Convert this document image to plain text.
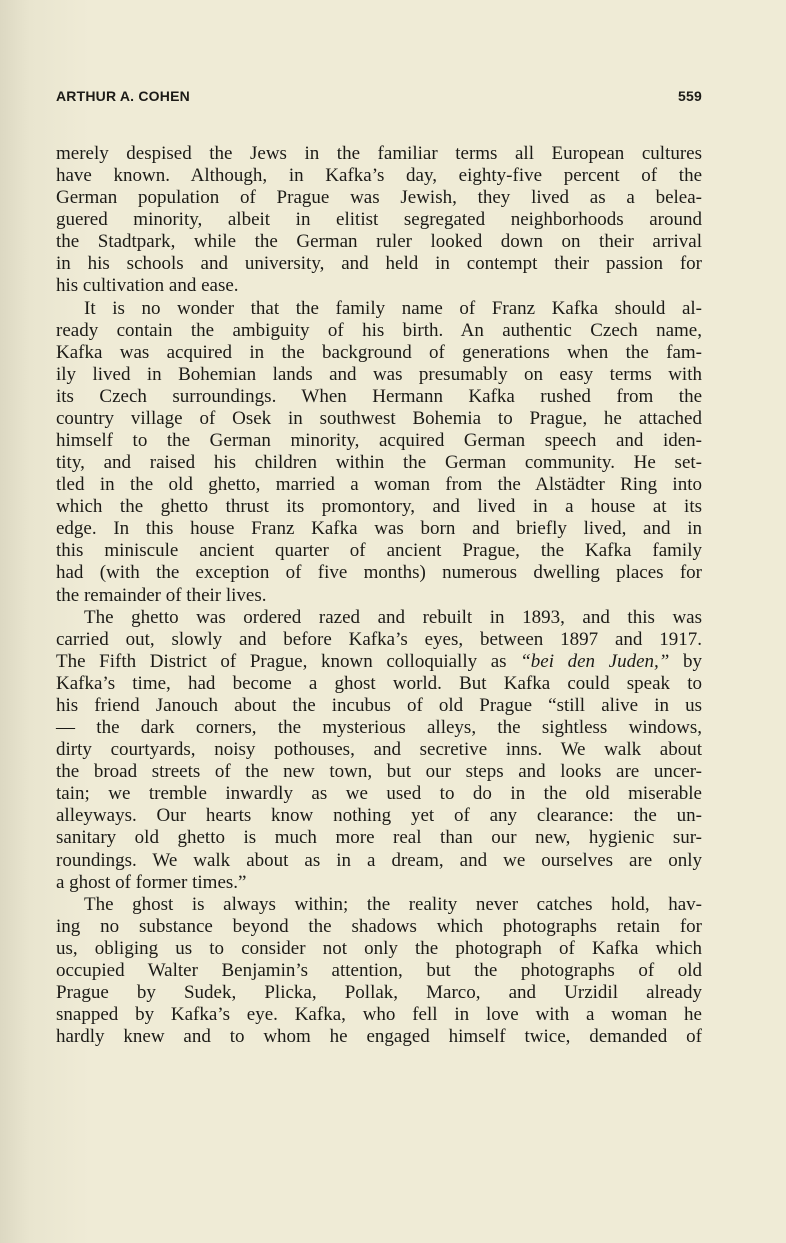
ARTHUR A. COHEN	559
merely despised the Jews in the familiar terms all European cultures
have known. Although, in Kafka’s day, eighty-five percent of the
German population of Prague was Jewish, they lived as a belea-
guered minority, albeit in elitist segregated neighborhoods around
the Stadtpark, while the German ruler looked down on their arrival
in his schools and university, and held in contempt their passion for
his cultivation and ease.
It is no wonder that the family name of Franz Kafka should al-
ready contain the ambiguity of his birth. An authentic Czech name,
Kafka was acquired in the background of generations when the fam-
ily lived in Bohemian lands and was presumably on easy terms with
its Czech surroundings. When Hermann Kafka rushed from the
country village of Osek in southwest Bohemia to Prague, he attached
himself to the German minority, acquired German speech and iden-
tity, and raised his children within the German community. He set-
tled in the old ghetto, married a woman from the Alstädter Ring into
which the ghetto thrust its promontory, and lived in a house at its
edge. In this house Franz Kafka was born and briefly lived, and in
this miniscule ancient quarter of ancient Prague, the Kafka family
had (with the exception of five months) numerous dwelling places for
the remainder of their lives.
The ghetto was ordered razed and rebuilt in 1893, and this was
carried out, slowly and before Kafka’s eyes, between 1897 and 1917.
The Fifth District of Prague, known colloquially as “bei den Juden,” by
Kafka’s time, had become a ghost world. But Kafka could speak to
his friend Janouch about the incubus of old Prague “still alive in us
— the dark corners, the mysterious alleys, the sightless windows,
dirty courtyards, noisy pothouses, and secretive inns. We walk about
the broad streets of the new town, but our steps and looks are uncer-
tain; we tremble inwardly as we used to do in the old miserable
alleyways. Our hearts know nothing yet of any clearance: the un-
sanitary old ghetto is much more real than our new, hygienic sur-
roundings. We walk about as in a dream, and we ourselves are only
a ghost of former times.”
The ghost is always within; the reality never catches hold, hav-
ing no substance beyond the shadows which photographs retain for
us, obliging us to consider not only the photograph of Kafka which
occupied Walter Benjamin’s attention, but the photographs of old
Prague by Sudek, Plicka, Pollak, Marco, and Urzidil already
snapped by Kafka’s eye. Kafka, who fell in love with a woman he
hardly knew and to whom he engaged himself twice, demanded of
